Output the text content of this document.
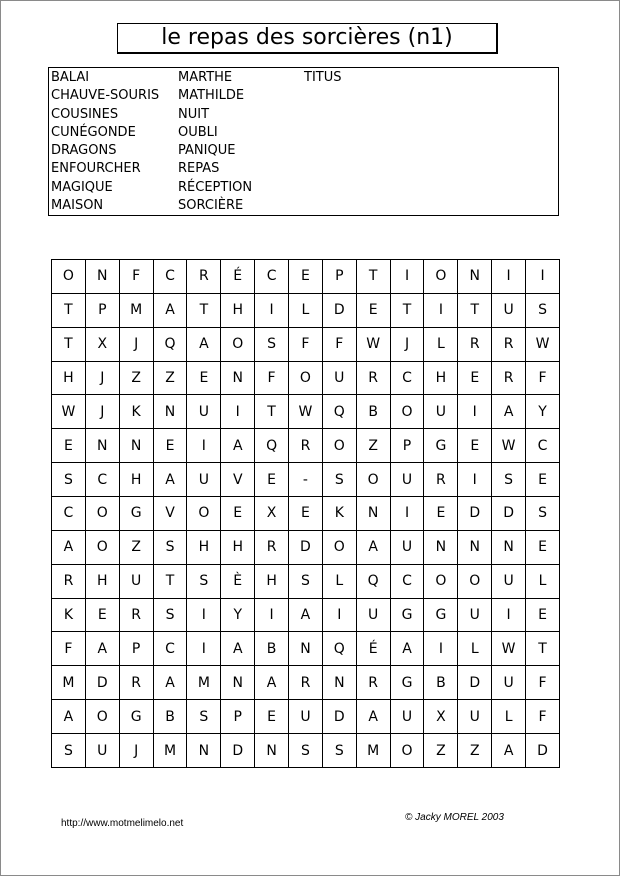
le repas des sorcières (n1)
BALAI
CHAUVE-SOURIS
COUSINES
CUNÉGONDE
DRAGONS
ENFOURCHER
MAGIQUE
MAISON
MARTHE
MATHILDE
NUIT
OUBLI
PANIQUE
REPAS
RÉCEPTION
SORCIÈRE
TITUS
O	N	F	C	R	É	C	E	P	T	I	O	N	I	I
T	P	M	A	T	H	I	L	D	E	T	I	T	U	S
T	X	J	Q	A	O	S	F	F	W	J	L	R	R	W
H	J	Z	Z	E	N	F	O	U	R	C	H	E	R	F
W	J	K	N	U	I	T	W	Q	B	O	U	I	A	Y
E	N	N	E	I	A	Q	R	O	Z	P	G	E	W	C
S	C	H	A	U	V	E	-	S	O	U	R	I	S	E
C	O	G	V	O	E	X	E	K	N	I	E	D	D	S
A	O	Z	S	H	H	R	D	O	A	U	N	N	N	E
R	H	U	T	S	È	H	S	L	Q	C	O	O	U	L
K	E	R	S	I	Y	I	A	I	U	G	G	U	I	E
F	A	P	C	I	A	B	N	Q	É	A	I	L	W	T
M	D	R	A	M	N	A	R	N	R	G	B	D	U	F
A	O	G	B	S	P	E	U	D	A	U	X	U	L	F
S	U	J	M	N	D	N	S	S	M	O	Z	Z	A	D
http://www.motmelimelo.net
© Jacky MOREL 2003
